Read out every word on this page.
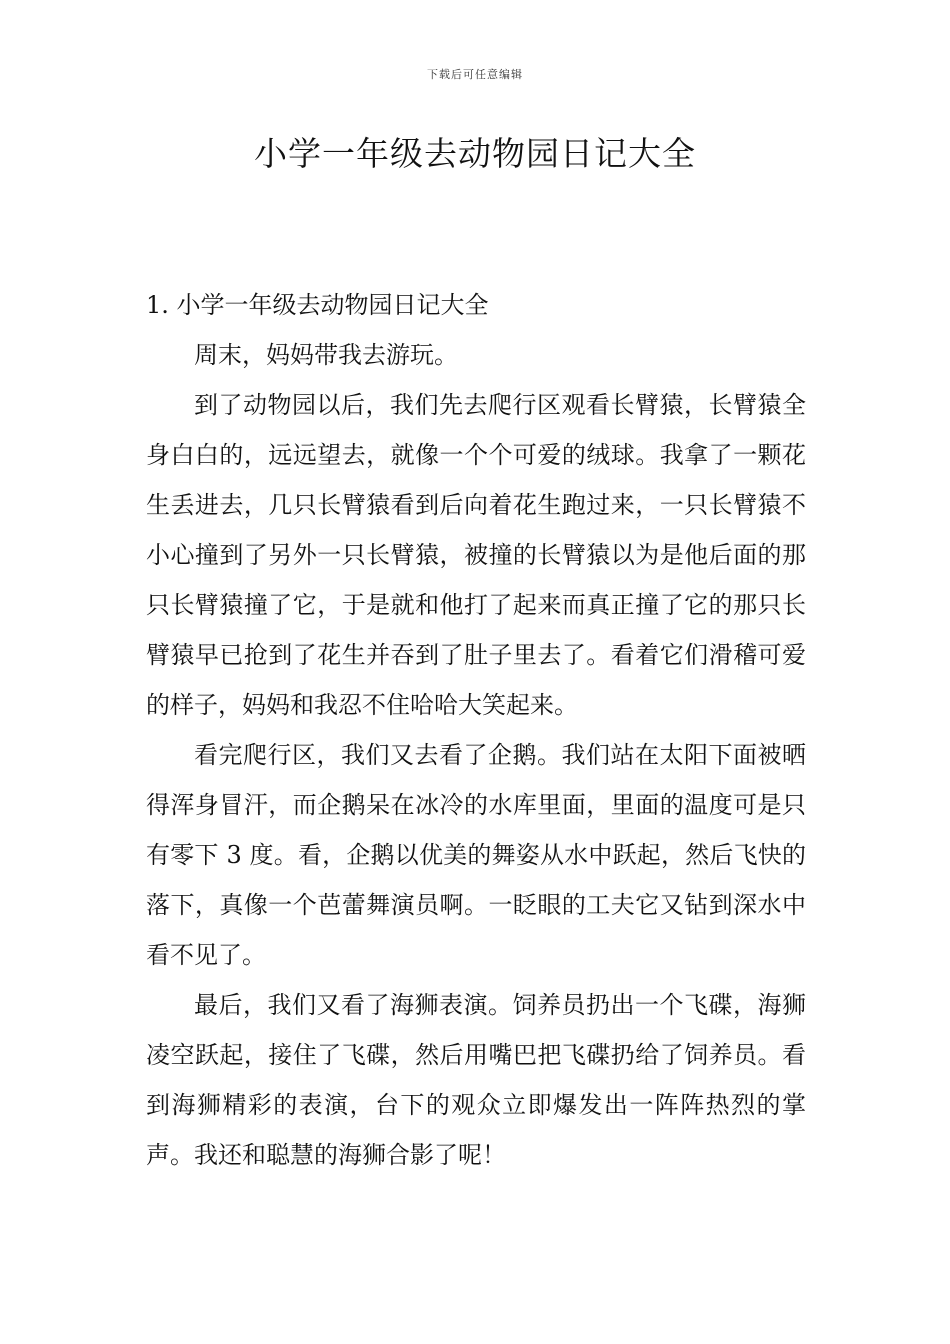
下载后可任意编辑
小学一年级去动物园日记大全

1. 小学一年级去动物园日记大全

周末，妈妈带我去游玩。

到了动物园以后，我们先去爬行区观看长臂猿，长臂猿全身白白的，远远望去，就像一个个可爱的绒球。我拿了一颗花生丢进去，几只长臂猿看到后向着花生跑过来，一只长臂猿不小心撞到了另外一只长臂猿，被撞的长臂猿以为是他后面的那只长臂猿撞了它，于是就和他打了起来而真正撞了它的那只长臂猿早已抢到了花生并吞到了肚子里去了。看着它们滑稽可爱的样子，妈妈和我忍不住哈哈大笑起来。

看完爬行区，我们又去看了企鹅。我们站在太阳下面被晒得浑身冒汗，而企鹅呆在冰冷的水库里面，里面的温度可是只有零下 3 度。看，企鹅以优美的舞姿从水中跃起，然后飞快的落下，真像一个芭蕾舞演员啊。一眨眼的工夫它又钻到深水中看不见了。

最后，我们又看了海狮表演。饲养员扔出一个飞碟，海狮凌空跃起，接住了飞碟，然后用嘴巴把飞碟扔给了饲养员。看到海狮精彩的表演，台下的观众立即爆发出一阵阵热烈的掌声。我还和聪慧的海狮合影了呢！
